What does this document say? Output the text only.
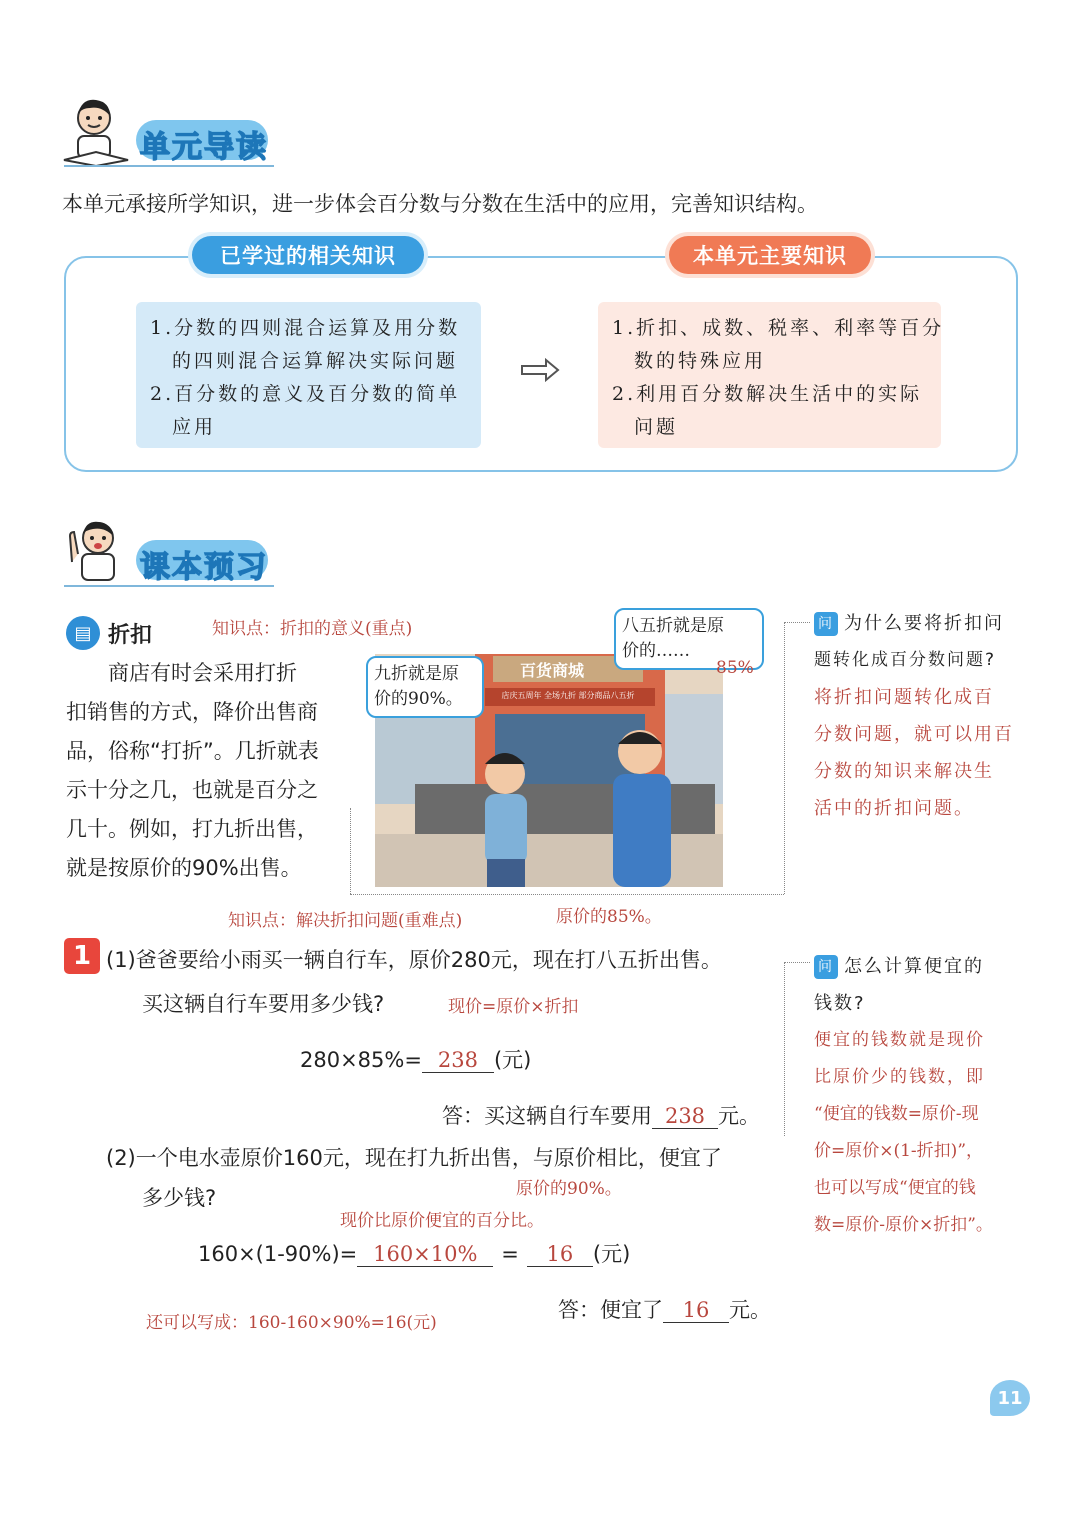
单元导读
本单元承接所学知识，进一步体会百分数与分数在生活中的应用，完善知识结构。
已学过的相关知识	本单元主要知识
1.分数的四则混合运算及用分数
的四则混合运算解决实际问题
2.百分数的意义及百分数的简单
应用
1.折扣、成数、税率、利率等百分
数的特殊应用
2.利用百分数解决生活中的实际
问题
课本预习
▤ 折扣	知识点：折扣的意义(重点)
商店有时会采用打折
扣销售的方式，降价出售商
品，俗称“打折”。几折就表
示十分之几，也就是百分之
几十。例如，打九折出售，
就是按原价的90%出售。
百货商城
店庆五周年 全场九折 部分商品八五折
九折就是原
价的90%。
八五折就是原
价的……
85%
问 为什么要将折扣问
题转化成百分数问题?
将折扣问题转化成百
分数问题，就可以用百
分数的知识来解决生
活中的折扣问题。
知识点：解决折扣问题(重难点)	原价的85%。
1 (1)爸爸要给小雨买一辆自行车，原价280元，现在打八五折出售。
买这辆自行车要用多少钱?	现价=原价×折扣
280×85%= 238 (元)
答：买这辆自行车要用 238 元。
(2)一个电水壶原价160元，现在打九折出售，与原价相比，便宜了
多少钱?	原价的90%。
现价比原价便宜的百分比。
160×(1-90%)= 160×10% = 16 (元)
还可以写成：160-160×90%=16(元)
答：便宜了 16 元。
问 怎么计算便宜的
钱数?
便宜的钱数就是现价
比原价少的钱数，即
“便宜的钱数=原价-现
价=原价×(1-折扣)”，
也可以写成“便宜的钱
数=原价-原价×折扣”。
11
